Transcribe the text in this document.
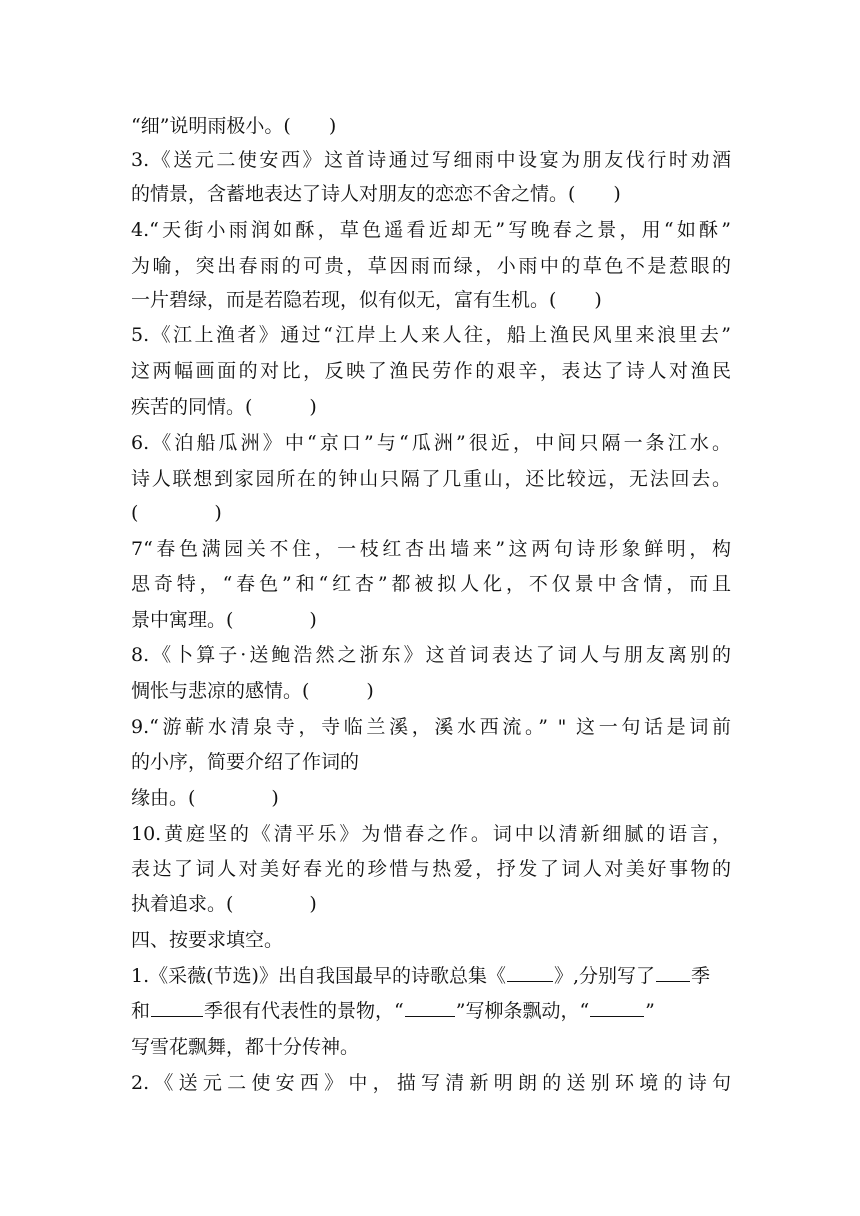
“细”说明雨极小。(　　)
3.《送元二使安西》这首诗通过写细雨中设宴为朋友伐行时劝酒
的情景，含蓄地表达了诗人对朋友的恋恋不舍之情。(　　)
4.“天街小雨润如酥，草色遥看近却无”写晚春之景，用“如酥”
为喻，突出春雨的可贵，草因雨而绿，小雨中的草色不是惹眼的
一片碧绿，而是若隐若现，似有似无，富有生机。(　　)
5.《江上渔者》通过“江岸上人来人往，船上渔民风里来浪里去”
这两幅画面的对比，反映了渔民劳作的艰辛，表达了诗人对渔民
疾苦的同情。(　　　)
6.《泊船瓜洲》中“京口”与“瓜洲”很近，中间只隔一条江水。
诗人联想到家园所在的钟山只隔了几重山，还比较远，无法回去。
(　　　　)
7“春色满园关不住，一枝红杏出墙来”这两句诗形象鲜明，构
思奇特，“春色”和“红杏”都被拟人化，不仅景中含情，而且
景中寓理。(　　　　)
8.《卜算子·送鲍浩然之浙东》这首词表达了词人与朋友离别的
惆怅与悲凉的感情。(　　　)
9.“游蕲水清泉寺，寺临兰溪，溪水西流。” " 这一句话是词前
的小序，简要介绍了作词的
缘由。(　　　　)
10.黄庭坚的《清平乐》为惜春之作。词中以清新细腻的语言，
表达了词人对美好春光的珍惜与热爱，抒发了词人对美好事物的
执着追求。(　　　　)
四、按要求填空。
1.《采薇(节选)》出自我国最早的诗歌总集《	》,分别写了 季
和	季很有代表性的景物，“	”写柳条飘动，“	”
写雪花飘舞，都十分传神。
2.《送元二使安西》中，描写清新明朗的送别环境的诗句
